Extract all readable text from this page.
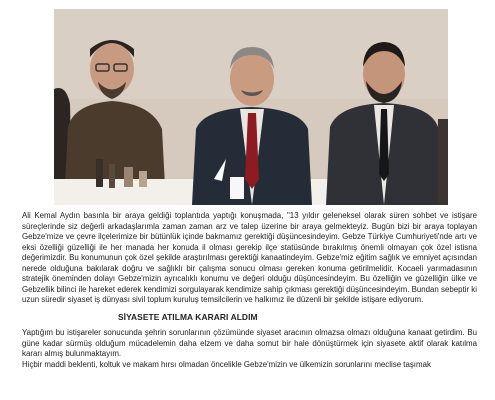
Ali Kemal Aydın basınla bir araya geldiği toplantıda yaptığı konuşmada, "13 yıldır geleneksel olarak süren sohbet ve istişare süreçlerinde siz değerli arkadaşlarımla zaman zaman arz ve talep üzerine bir araya gelmekteyiz. Bugün bizi bir araya toplayan Gebze'mize ve çevre ilçelerimize bir bütünlük içinde bakmamız gerektiği düşüncesindeyim. Gebze Türkiye Cumhuriyeti'nde artı ve eksi özelliği güzelliği ile her manada her konuda il olması gerekip ilçe statüsünde bırakılmış önemli olmayan çok özel istisna değerimizdir. Bu konumunun çok özel şekilde araştırılması gerektiği kanaatindeyim. Gebze'miz eğitim sağlık ve emniyet açısından nerede olduğuna bakılarak doğru ve sağlıklı bir çalışma sonucu olması gereken konuma getirilmelidir. Kocaeli yarımadasının stratejik öneminden dolayı Gebze'mizin ayrıcalıklı konumu ve değeri olduğu düşüncesindeyim. Bu özelliğin ve güzelliğin ülke ve Gebzellik bilinci ile hareket ederek kendimizi sorgulayarak kendimize sahip çıkması gerektiği düşüncesindeyim. Bundan sebeptir ki uzun süredir siyaset iş dünyası sivil toplum kuruluş temsilcilerin ve halkımız ile düzenli bir şekilde istişare ediyorum.

SİYASETE ATILMA KARARI ALDIM

Yaptığım bu istişareler sonucunda şehrin sorunlarının çözümünde siyaset aracının olmazsa olmazı olduğuna kanaat getirdim. Bu güne kadar sürmüş olduğum mücadelemin daha elzem ve daha somut bir hale dönüştürmek için siyasete aktif olarak katılma kararı almış bulunmaktayım.

Hiçbir maddi beklenti, koltuk ve makam hırsı olmadan öncelikle Gebze'mizin ve ülkemizin sorunlarını meclise taşımak
